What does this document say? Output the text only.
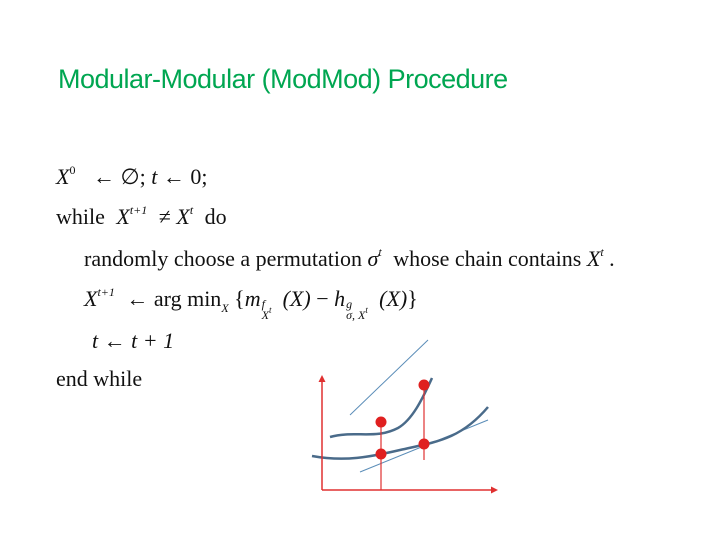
Modular-Modular (ModMod) Procedure
$X^0$ ← ∅; t ← 0;
while $X^{t+1} \ne X^t$ do
randomly choose a permutation $\sigma^t$ whose chain contains $X^t$ .
$X^{t+1}$ ← arg $\min_X \{m$ f
$X^t$ (X) − h g
σ, $X^t$ (X)}
t ← t + 1
end while
